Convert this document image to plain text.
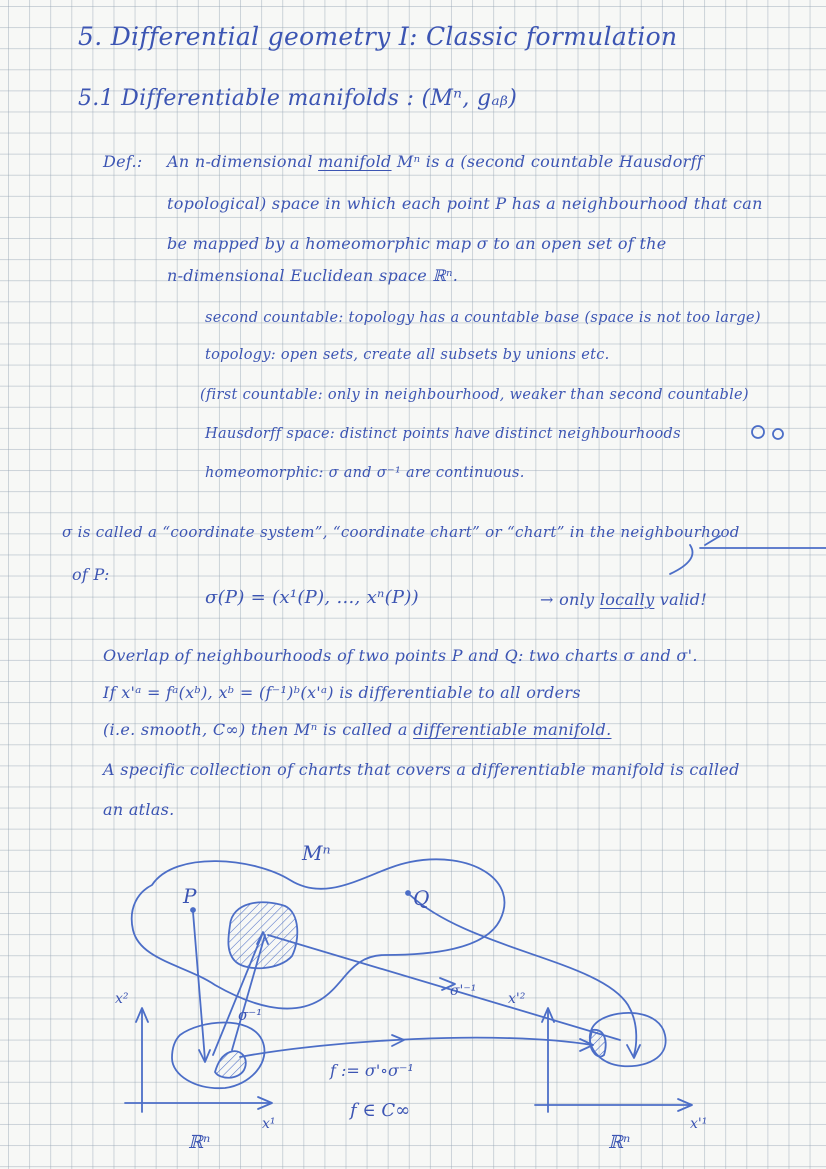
5. Differential geometry I: Classic formulation
5.1 Differentiable manifolds : (Mⁿ, gₐᵦ)
Def.: An n-dimensional manifold Mⁿ is a (second countable Hausdorff
topological) space in which each point P has a neighbourhood that can
be mapped by a homeomorphic map σ to an open set of the
n-dimensional Euclidean space ℝⁿ.
second countable: topology has a countable base (space is not too large)
topology: open sets, create all subsets by unions etc.
(first countable: only in neighbourhood, weaker than second countable)
Hausdorff space: distinct points have distinct neighbourhoods
homeomorphic: σ and σ⁻¹ are continuous.
σ is called a “coordinate system”, “coordinate chart” or “chart” in the neighbourhood
of P:
σ(P) = (x¹(P), ..., xⁿ(P))	→ only locally valid!
Overlap of neighbourhoods of two points P and Q: two charts σ and σ'.
If x'ᵃ = fᵃ(xᵇ), xᵇ = (f⁻¹)ᵇ(x'ᵃ) is differentiable to all orders
(i.e. smooth, C∞) then Mⁿ is called a differentiable manifold.
A specific collection of charts that covers a differentiable manifold is called
an atlas.
Mⁿ
P	Q
σ⁻¹
σ'⁻¹
x²
x¹
x'²
x'¹
ℝⁿ	ℝⁿ
f := σ'∘σ⁻¹
f ∈ C∞
